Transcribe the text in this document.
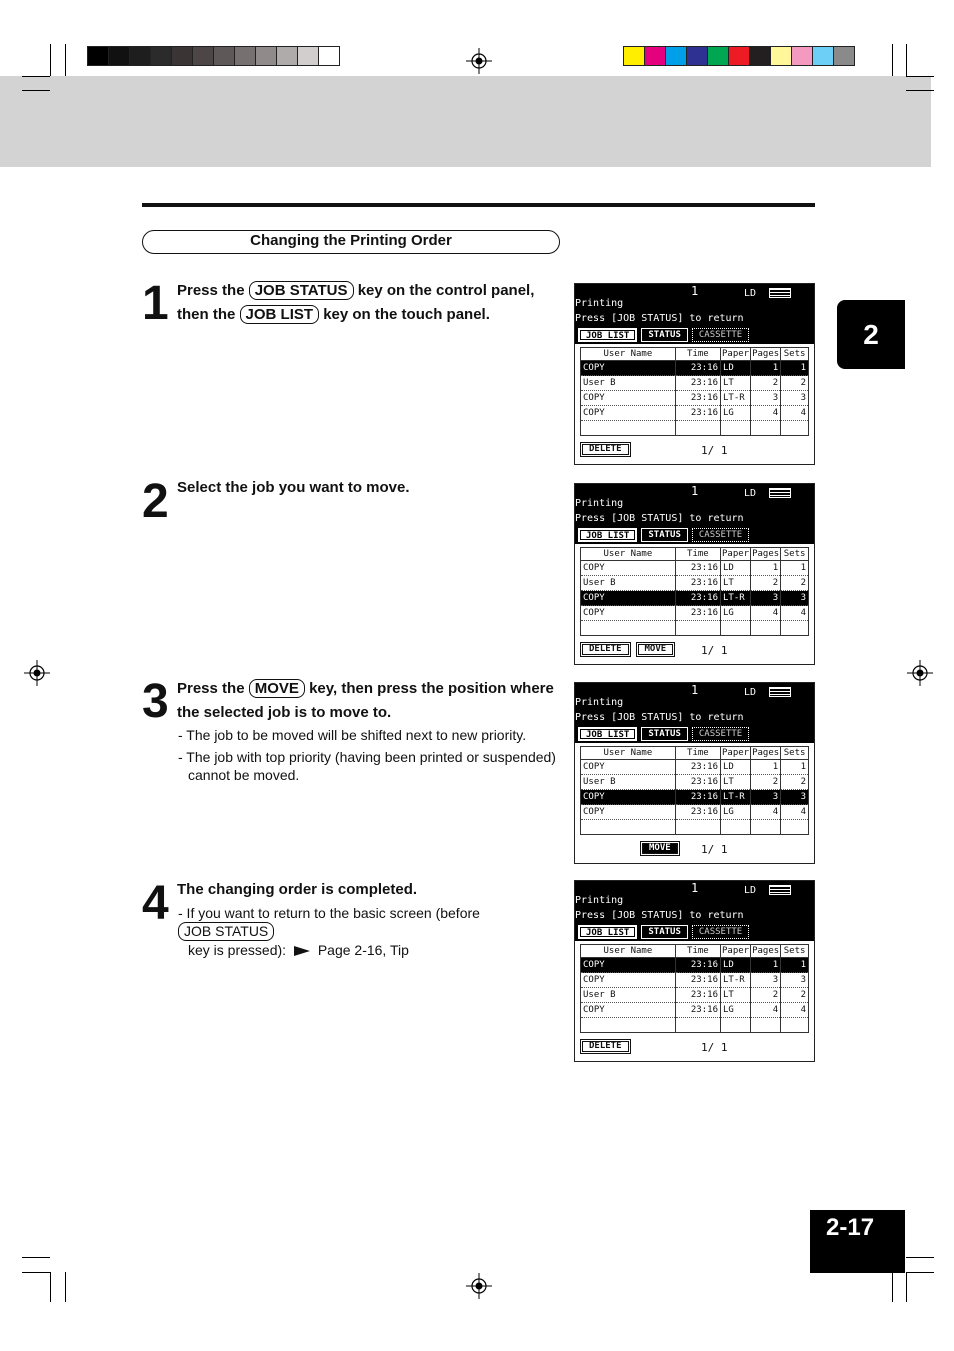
Changing the Printing Order
2
1 Press the JOB STATUS key on the control panel,
then the JOB LIST key on the touch panel.
2 Select the job you want to move.
3 Press the MOVE key, then press the position where
the selected job is to move to.
- The job to be moved will be shifted next to new priority.
- The job with top priority (having been printed or suspended)
cannot be moved.
4 The changing order is completed.
- If you want to return to the basic screen (beforeJOB STATUS
key is pressed): Page 2-16, Tip
1	LD
Printing
Press [JOB STATUS] to return
JOB LIST	STATUS	CASSETTE
User Name	Time	Paper	Pages	Sets
COPY	23:16	LD	1	1
User B	23:16	LT	2	2
COPY	23:16	LT-R	3	3
COPY	23:16	LG	4	4

DELETE	1/ 1
1	LD
Printing
Press [JOB STATUS] to return
JOB LIST	STATUS	CASSETTE
User Name	Time	Paper	Pages	Sets
COPY	23:16	LD	1	1
User B	23:16	LT	2	2
COPY	23:16	LT-R	3	3
COPY	23:16	LG	4	4

DELETE	MOVE	1/ 1
1	LD
Printing
Press [JOB STATUS] to return
JOB LIST	STATUS	CASSETTE
User Name	Time	Paper	Pages	Sets
COPY	23:16	LD	1	1
User B	23:16	LT	2	2
COPY	23:16	LT-R	3	3
COPY	23:16	LG	4	4

MOVE	1/ 1
1	LD
Printing
Press [JOB STATUS] to return
JOB LIST	STATUS	CASSETTE
User Name	Time	Paper	Pages	Sets
COPY	23:16	LD	1	1
COPY	23:16	LT-R	3	3
User B	23:16	LT	2	2
COPY	23:16	LG	4	4

DELETE	1/ 1
2-17
